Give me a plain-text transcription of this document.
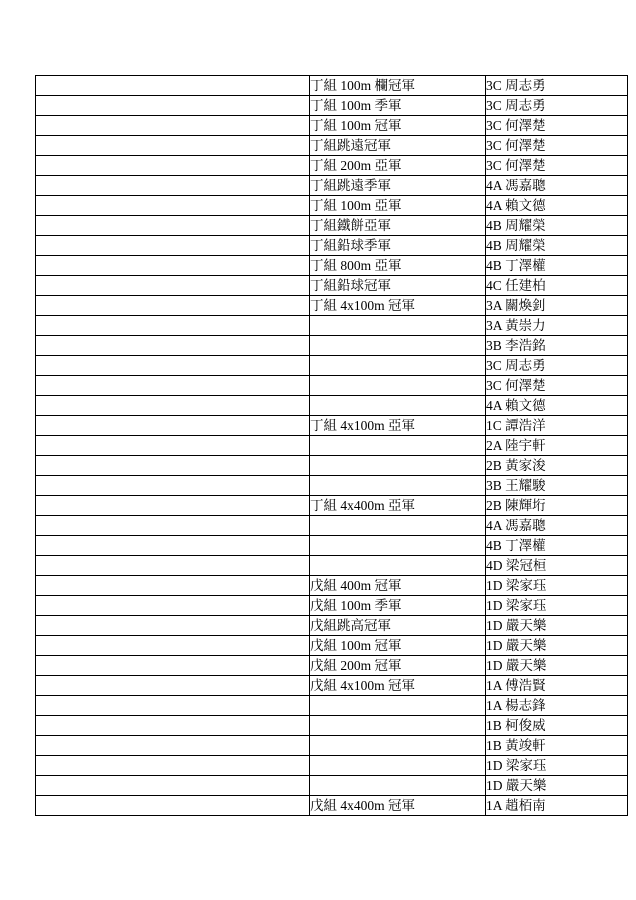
	丁組 100m 欄冠軍	3C 周志勇
	丁組 100m 季軍	3C 周志勇
	丁組 100m 冠軍	3C 何澤楚
	丁組跳遠冠軍	3C 何澤楚
	丁組 200m 亞軍	3C 何澤楚
	丁組跳遠季軍	4A 馮嘉聰
	丁組 100m 亞軍	4A 賴文德
	丁組鐵餅亞軍	4B 周耀榮
	丁組鉛球季軍	4B 周耀榮
	丁組 800m 亞軍	4B 丁澤權
	丁組鉛球冠軍	4C 任建柏
	丁組 4x100m 冠軍	3A 關煥釗
		3A 黃崇力
		3B 李浩銘
		3C 周志勇
		3C 何澤楚
		4A 賴文德
	丁組 4x100m 亞軍	1C 譚浩洋
		2A 陸宇軒
		2B 黃家浚
		3B 王耀駿
	丁組 4x400m 亞軍	2B 陳輝垳
		4A 馮嘉聰
		4B 丁澤權
		4D 梁冠桓
	戊組 400m 冠軍	1D 梁家珏
	戊組 100m 季軍	1D 梁家珏
	戊組跳高冠軍	1D 嚴天樂
	戊組 100m 冠軍	1D 嚴天樂
	戊組 200m 冠軍	1D 嚴天樂
	戊組 4x100m 冠軍	1A 傅浩賢
		1A 楊志鋒
		1B 柯俊威
		1B 黃竣軒
		1D 梁家珏
		1D 嚴天樂
	戊組 4x400m 冠軍	1A 趙栢南
